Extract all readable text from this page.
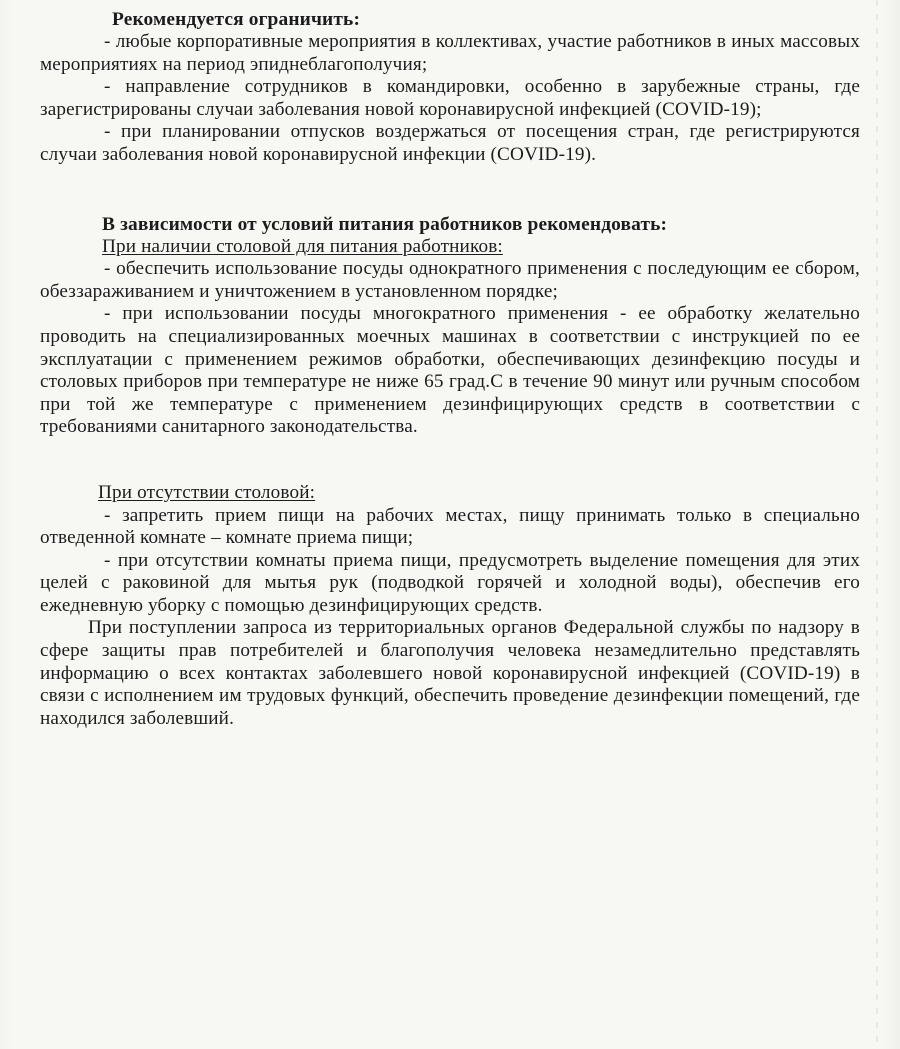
Рекомендуется ограничить:

- любые корпоративные мероприятия в коллективах, участие работников в иных массовых мероприятиях на период эпиднеблагополучия;

- направление сотрудников в командировки, особенно в зарубежные страны, где зарегистрированы случаи заболевания новой коронавирусной инфекцией (COVID-19);

- при планировании отпусков воздержаться от посещения стран, где регистрируются случаи заболевания новой коронавирусной инфекции (COVID-19).

В зависимости от условий питания работников рекомендовать:

При наличии столовой для питания работников:

- обеспечить использование посуды однократного применения с последующим ее сбором, обеззараживанием и уничтожением в установленном порядке;

- при использовании посуды многократного применения - ее обработку желательно проводить на специализированных моечных машинах в соответствии с инструкцией по ее эксплуатации с применением режимов обработки, обеспечивающих дезинфекцию посуды и столовых приборов при температуре не ниже 65 град.С в течение 90 минут или ручным способом при той же температуре с применением дезинфицирующих средств в соответствии с требованиями санитарного законодательства.

При отсутствии столовой:

- запретить прием пищи на рабочих местах, пищу принимать только в специально отведенной комнате – комнате приема пищи;

- при отсутствии комнаты приема пищи, предусмотреть выделение помещения для этих целей с раковиной для мытья рук (подводкой горячей и холодной воды), обеспечив его ежедневную уборку с помощью дезинфицирующих средств.

При поступлении запроса из территориальных органов Федеральной службы по надзору в сфере защиты прав потребителей и благополучия человека незамедлительно представлять информацию о всех контактах заболевшего новой коронавирусной инфекцией (COVID-19) в связи с исполнением им трудовых функций, обеспечить проведение дезинфекции помещений, где находился заболевший.
